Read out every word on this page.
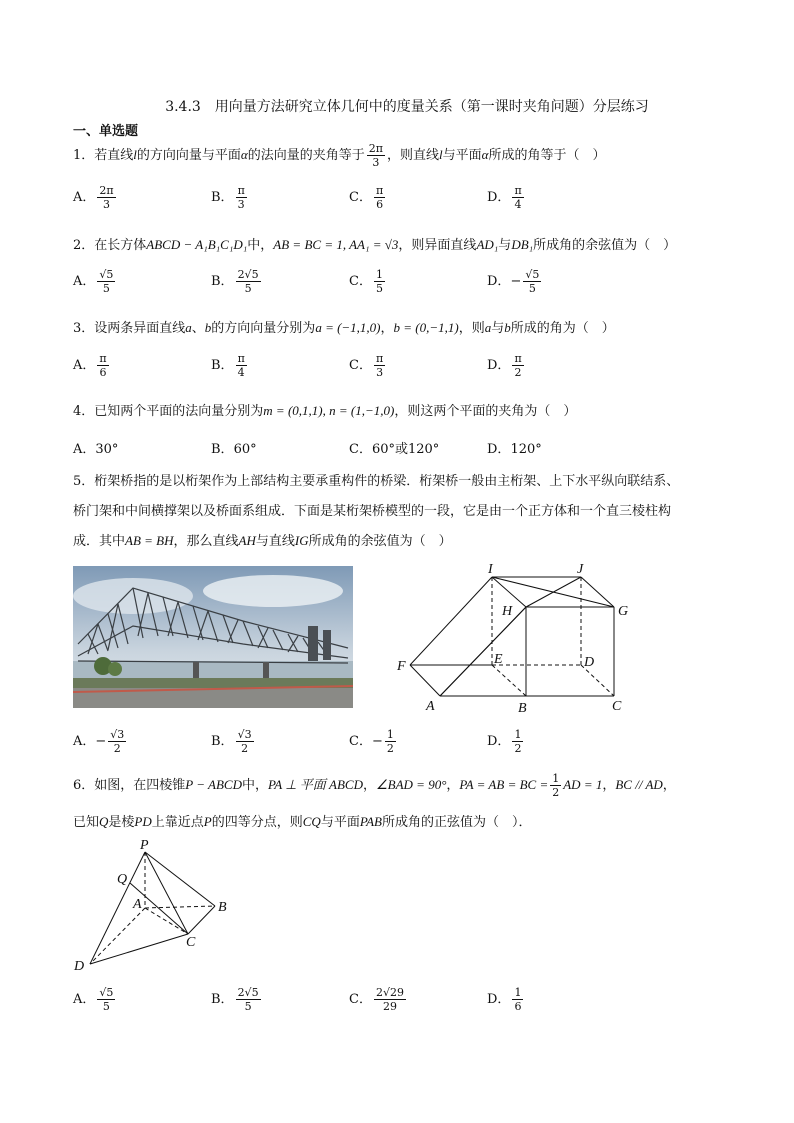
3.4.3　用向量方法研究立体几何中的度量关系（第一课时夹角问题）分层练习
一、单选题
1．若直线l的方向向量与平面α的法向量的夹角等于 $\frac{2\pi}{3}$ ，则直线l与平面α所成的角等于（　）
A． $\frac{2\pi}{3}$	B． $\frac{\pi}{3}$	C． $\frac{\pi}{6}$	D． $\frac{\pi}{4}$
2．在长方体ABCD − A₁B₁C₁D₁中，AB = BC = 1, AA₁ = √3，则异面直线AD₁与DB₁所成角的余弦值为（　）
A． $\frac{√5}{5}$	B． $\frac{2√5}{5}$	C． $\frac{1}{5}$	D．− $\frac{√5}{5}$
3．设两条异面直线a、b的方向向量分别为a = (−1,1,0)，b = (0,−1,1)，则a与b所成的角为（　）
A． $\frac{\pi}{6}$	B． $\frac{\pi}{4}$	C． $\frac{\pi}{3}$	D． $\frac{\pi}{2}$
4．已知两个平面的法向量分别为m = (0,1,1), n = (1,−1,0)，则这两个平面的夹角为（　）
A．30°	B．60°	C．60°或120°	D．120°
5．桁架桥指的是以桁架作为上部结构主要承重构件的桥梁．桁架桥一般由主桁架、上下水平纵向联结系、
桥门架和中间横撑架以及桥面系组成．下面是某桁架桥模型的一段，它是由一个正方体和一个直三棱柱构
成．其中AB = BH，那么直线AH与直线IG所成角的余弦值为（　）
I	J
H	G
F	E	D
A	B	C
A．− $\frac{√3}{2}$	B． $\frac{√3}{2}$	C．− $\frac{1}{2}$	D． $\frac{1}{2}$
6．如图，在四棱锥P − ABCD中，PA ⊥ 平面 ABCD，∠BAD = 90°，PA = AB = BC = $\frac{1}{2}$ AD = 1，BC // AD，
已知Q是棱PD上靠近点P的四等分点，则CQ与平面PAB所成角的正弦值为（　）．
P
Q
A	B
C
D
A． $\frac{√5}{5}$	B． $\frac{2√5}{5}$	C． $\frac{2√29}{29}$	D． $\frac{1}{6}$
